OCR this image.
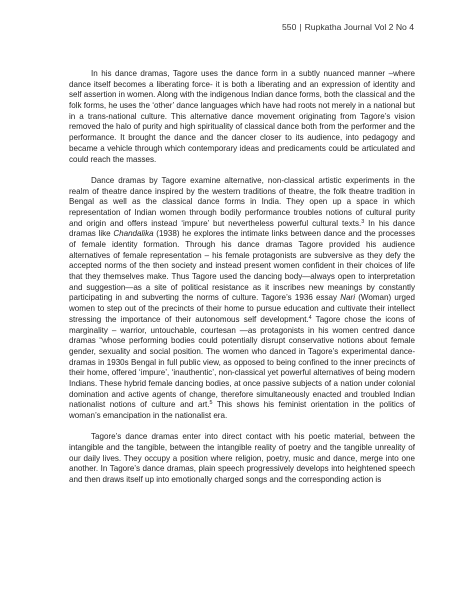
550 | Rupkatha Journal Vol 2 No 4

In his dance dramas, Tagore uses the dance form in a subtly nuanced manner –where dance itself becomes a liberating force- it is both a liberating and an expression of identity and self assertion in women. Along with the indigenous Indian dance forms, both the classical and the folk forms, he uses the ‘other’ dance languages which have had roots not merely in a national but in a trans-national culture. This alternative dance movement originating from Tagore’s vision removed the halo of purity and high spirituality of classical dance both from the performer and the performance. It brought the dance and the dancer closer to its audience, into pedagogy and became a vehicle through which contemporary ideas and predicaments could be articulated and could reach the masses.

Dance dramas by Tagore examine alternative, non-classical artistic experiments in the realm of theatre dance inspired by the western traditions of theatre, the folk theatre tradition in Bengal as well as the classical dance forms in India. They open up a space in which representation of Indian women through bodily performance troubles notions of cultural purity and origin and offers instead ‘impure’ but nevertheless powerful cultural texts.$^3$ In his dance dramas like Chandalika (1938) he explores the intimate links between dance and the processes of female identity formation. Through his dance dramas Tagore provided his audience alternatives of female representation – his female protagonists are subversive as they defy the accepted norms of the then society and instead present women confident in their choices of life that they themselves make. Thus Tagore used the dancing body—always open to interpretation and suggestion—as a site of political resistance as it inscribes new meanings by constantly participating in and subverting the norms of culture. Tagore’s 1936 essay Nari (Woman) urged women to step out of the precincts of their home to pursue education and cultivate their intellect stressing the importance of their autonomous self development.$^4$ Tagore chose the icons of marginality – warrior, untouchable, courtesan —as protagonists in his women centred dance dramas “whose performing bodies could potentially disrupt conservative notions about female gender, sexuality and social position. The women who danced in Tagore’s experimental dance-dramas in 1930s Bengal in full public view, as opposed to being confined to the inner precincts of their home, offered ‘impure’, ‘inauthentic’, non-classical yet powerful alternatives of being modern Indians. These hybrid female dancing bodies, at once passive subjects of a nation under colonial domination and active agents of change, therefore simultaneously enacted and troubled Indian nationalist notions of culture and art.$^5$ This shows his feminist orientation in the politics of woman’s emancipation in the nationalist era.

Tagore’s dance dramas enter into direct contact with his poetic material, between the intangible and the tangible, between the intangible reality of poetry and the tangible unreality of our daily lives. They occupy a position where religion, poetry, music and dance, merge into one another. In Tagore’s dance dramas, plain speech progressively develops into heightened speech and then draws itself up into emotionally charged songs and the corresponding action is
